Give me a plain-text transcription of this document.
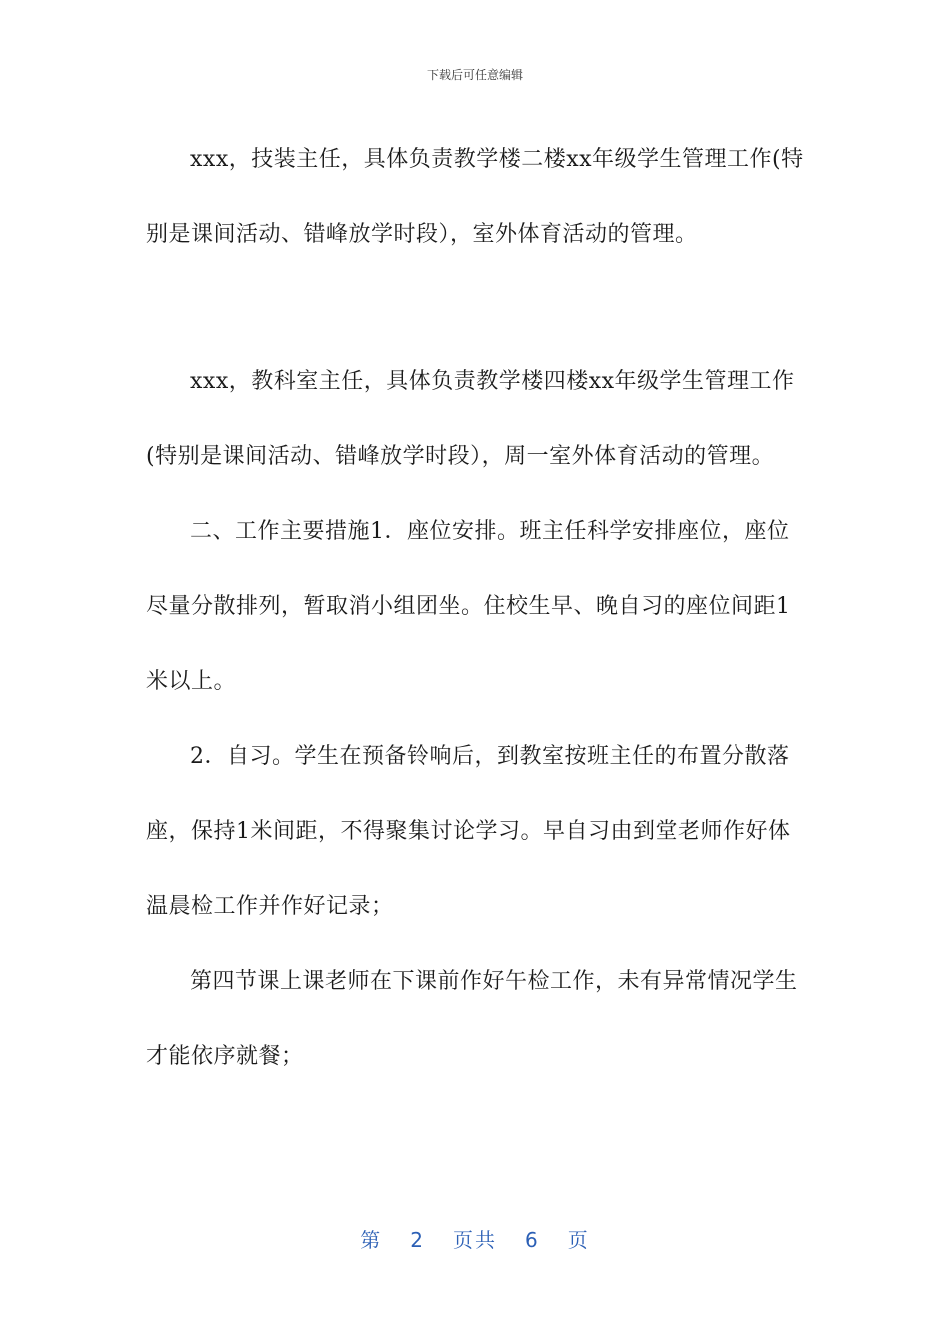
下载后可任意编辑

xxx，技装主任，具体负责教学楼二楼xx年级学生管理工作(特别是课间活动、错峰放学时段），室外体育活动的管理。

xxx，教科室主任，具体负责教学楼四楼xx年级学生管理工作(特别是课间活动、错峰放学时段），周一室外体育活动的管理。

二、工作主要措施1．座位安排。班主任科学安排座位，座位尽量分散排列，暂取消小组团坐。住校生早、晚自习的座位间距1米以上。

2．自习。学生在预备铃响后，到教室按班主任的布置分散落座，保持1米间距，不得聚集讨论学习。早自习由到堂老师作好体温晨检工作并作好记录；

第四节课上课老师在下课前作好午检工作，未有异常情况学生才能依序就餐；

第 2 页共 6 页
